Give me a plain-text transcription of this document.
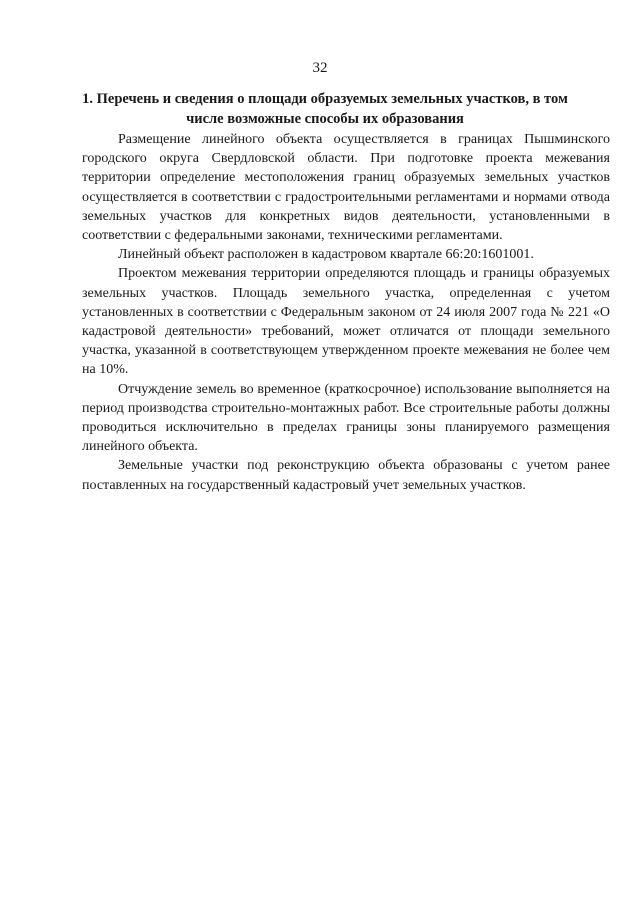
32
1. Перечень и сведения о площади образуемых земельных участков, в том числе возможные способы их образования

Размещение линейного объекта осуществляется в границах Пышминского городского округа Свердловской области. При подготовке проекта межевания территории определение местоположения границ образуемых земельных участков осуществляется в соответствии с градостроительными регламентами и нормами отвода земельных участков для конкретных видов деятельности, установленными в соответствии с федеральными законами, техническими регламентами.

Линейный объект расположен в кадастровом квартале 66:20:1601001.

Проектом межевания территории определяются площадь и границы образуемых земельных участков. Площадь земельного участка, определенная с учетом установленных в соответствии с Федеральным законом от 24 июля 2007 года № 221 «О кадастровой деятельности» требований, может отличатся от площади земельного участка, указанной в соответствующем утвержденном проекте межевания не более чем на 10%.

Отчуждение земель во временное (краткосрочное) использование выполняется на период производства строительно-монтажных работ. Все строительные работы должны проводиться исключительно в пределах границы зоны планируемого размещения линейного объекта.

Земельные участки под реконструкцию объекта образованы с учетом ранее поставленных на государственный кадастровый учет земельных участков.
